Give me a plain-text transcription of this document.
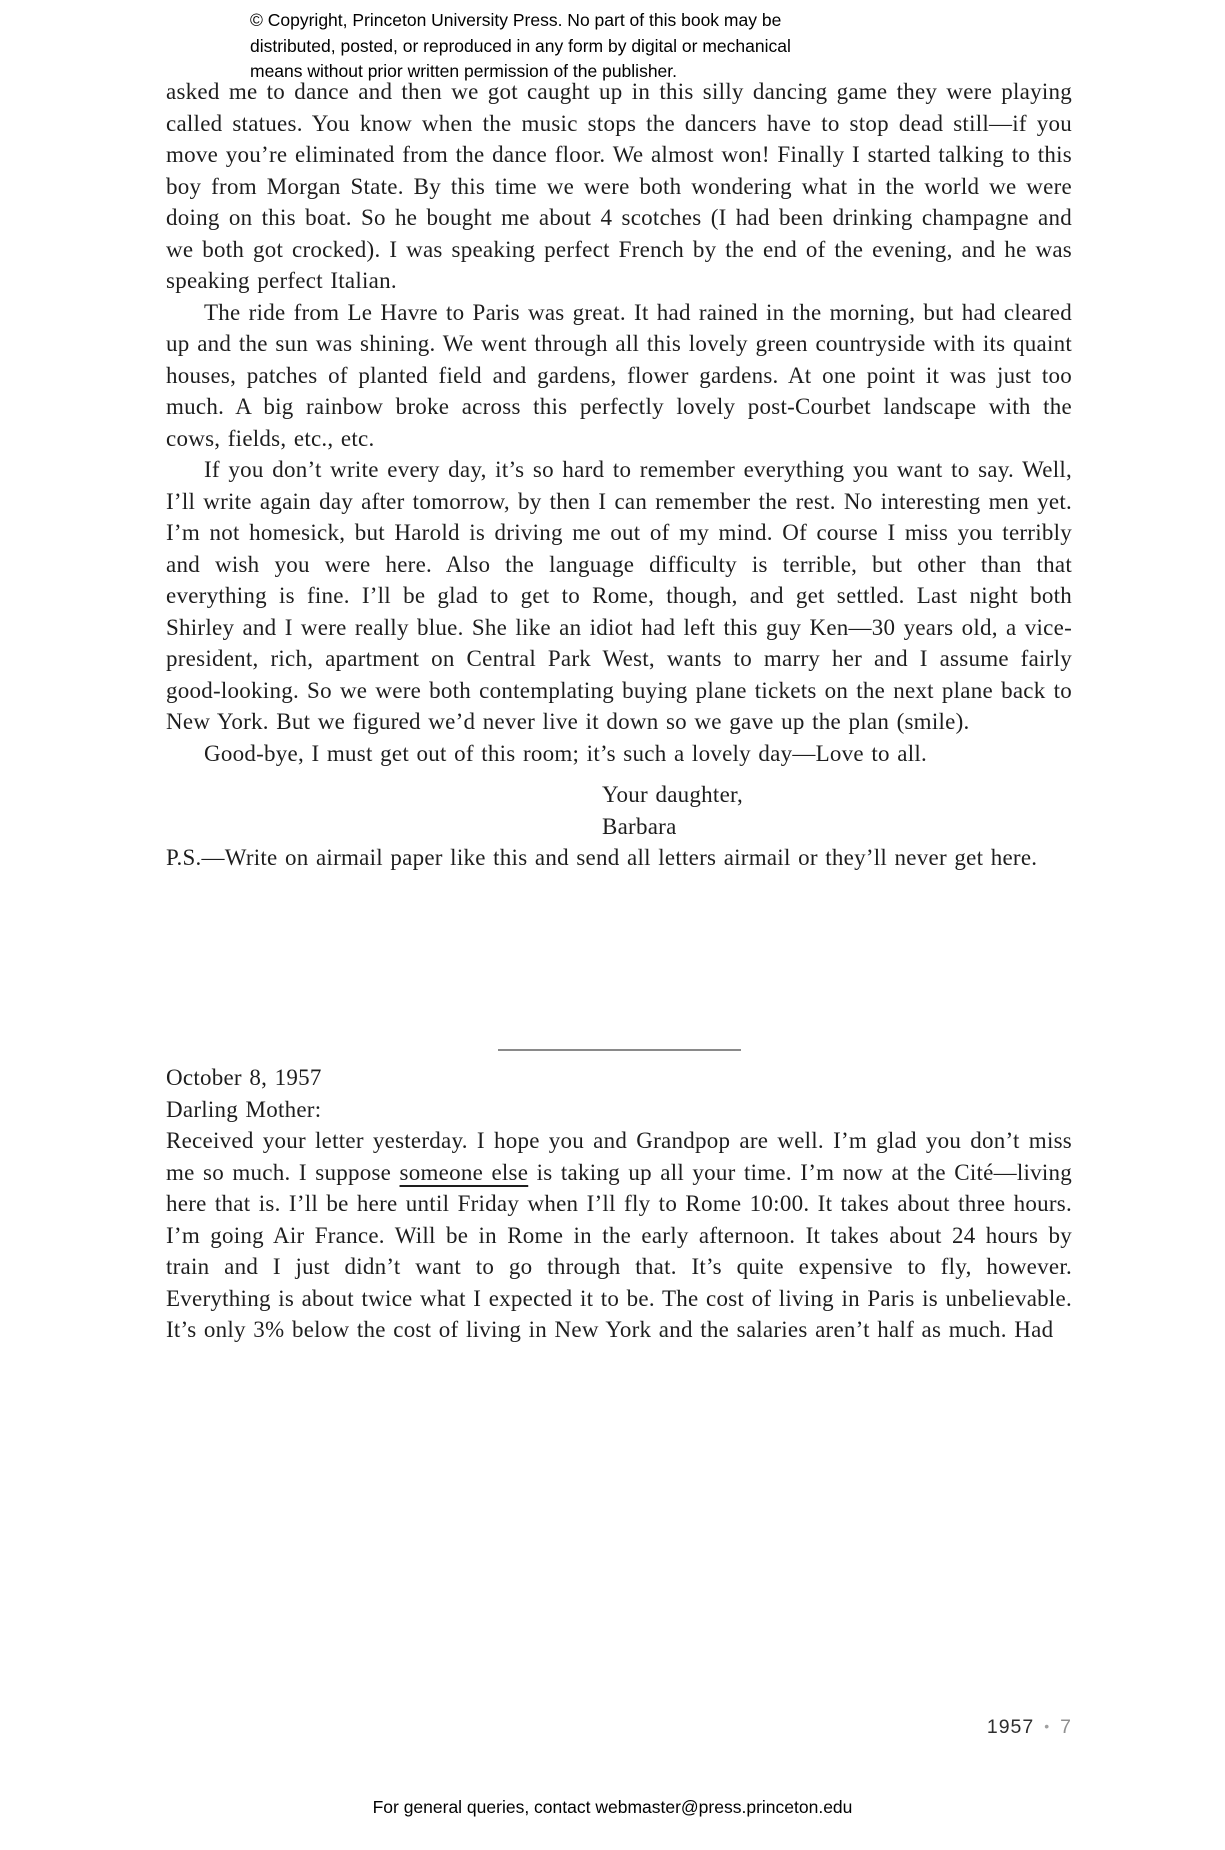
© Copyright, Princeton University Press. No part of this book may be
distributed, posted, or reproduced in any form by digital or mechanical
means without prior written permission of the publisher.

asked me to dance and then we got caught up in this silly dancing game they were playing called statues. You know when the music stops the dancers have to stop dead still—if you move you’re eliminated from the dance floor. We almost won! Finally I started talking to this boy from Morgan State. By this time we were both wondering what in the world we were doing on this boat. So he bought me about 4 scotches (I had been drinking champagne and we both got crocked). I was speaking perfect French by the end of the evening, and he was speaking perfect Italian.

The ride from Le Havre to Paris was great. It had rained in the morning, but had cleared up and the sun was shining. We went through all this lovely green countryside with its quaint houses, patches of planted field and gardens, flower gardens. At one point it was just too much. A big rainbow broke across this perfectly lovely post-Courbet landscape with the cows, fields, etc., etc.

If you don’t write every day, it’s so hard to remember everything you want to say. Well, I’ll write again day after tomorrow, by then I can remember the rest. No interesting men yet. I’m not homesick, but Harold is driving me out of my mind. Of course I miss you terribly and wish you were here. Also the language difficulty is terrible, but other than that everything is fine. I’ll be glad to get to Rome, though, and get settled. Last night both Shirley and I were really blue. She like an idiot had left this guy Ken—30 years old, a vice-president, rich, apartment on Central Park West, wants to marry her and I assume fairly good-looking. So we were both contemplating buying plane tickets on the next plane back to New York. But we figured we’d never live it down so we gave up the plan (smile).

Good-bye, I must get out of this room; it’s such a lovely day—Love to all.

Your daughter,
Barbara

P.S.—Write on airmail paper like this and send all letters airmail or they’ll never get here.

October 8, 1957

Darling Mother:

Received your letter yesterday. I hope you and Grandpop are well. I’m glad you don’t miss me so much. I suppose someone else is taking up all your time. I’m now at the Cité—living here that is. I’ll be here until Friday when I’ll fly to Rome 10:00. It takes about three hours. I’m going Air France. Will be in Rome in the early afternoon. It takes about 24 hours by train and I just didn’t want to go through that. It’s quite expensive to fly, however. Everything is about twice what I expected it to be. The cost of living in Paris is unbelievable. It’s only 3% below the cost of living in New York and the salaries aren’t half as much. Had

1957 • 7
For general queries, contact webmaster@press.princeton.edu
